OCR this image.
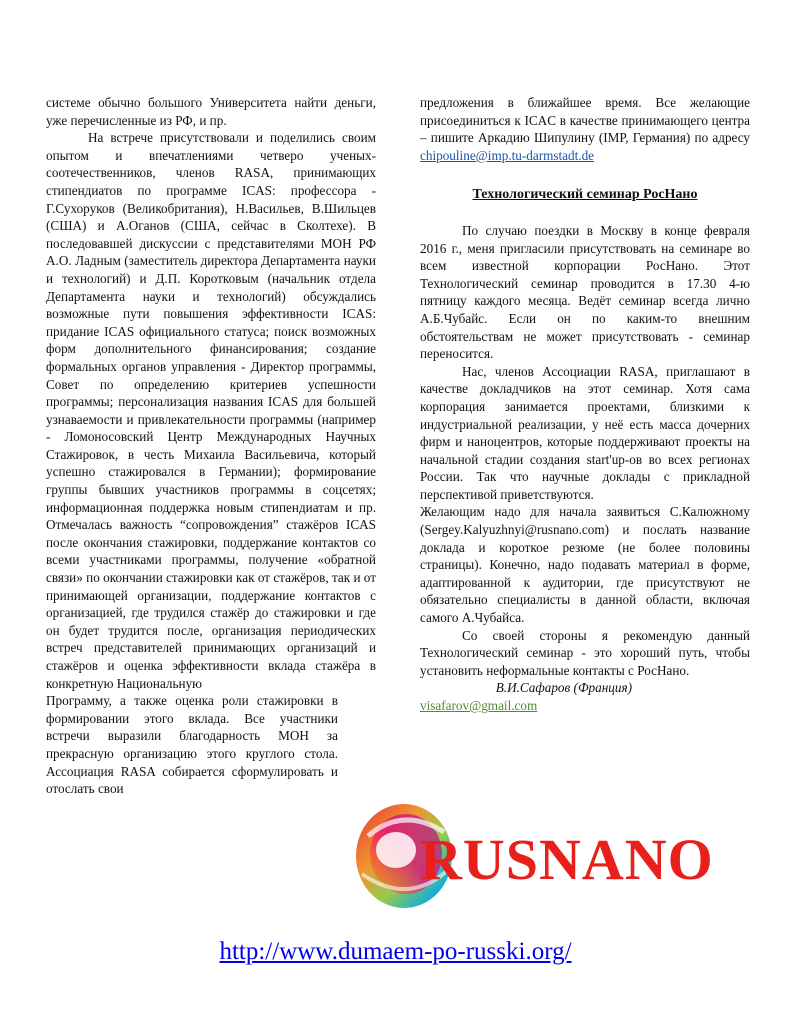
системе обычно большого Университета найти деньги, уже перечисленные из РФ, и пр.

На встрече присутствовали и поделились своим опытом и впечатлениями четверо ученых-соотечественников, членов RASA, принимающих стипендиатов по программе ICAS: профессора - Г.Сухоруков (Великобритания), Н.Васильев, В.Шильцев (США) и А.Оганов (США, сейчас в Сколтехе). В последовавшей дискуссии с представителями МОН РФ А.О. Ладным (заместитель директора Департамента науки и технологий) и Д.П. Коротковым (начальник отдела Департамента науки и технологий) обсуждались возможные пути повышения эффективности ICAS: придание ICAS официального статуса; поиск возможных форм дополнительного финансирования; создание формальных органов управления - Директор программы, Совет по определению критериев успешности программы; персонализация названия ICAS для большей узнаваемости и привлекательности программы (например - Ломоносовский Центр Международных Научных Стажировок, в честь Михаила Васильевича, который успешно стажировался в Германии); формирование группы бывших участников программы в соцсетях; информационная поддержка новым стипендиатам и пр. Отмечалась важность “сопровождения” стажёров ICAS после окончания стажировки, поддержание контактов со всеми участниками программы, получение «обратной связи» по окончании стажировки как от стажёров, так и от принимающей организации, поддержание контактов с организацией, где трудился стажёр до стажировки и где он будет трудится после, организация периодических встреч представителей принимающих организаций и стажёров и оценка эффективности вклада стажёра в конкретную Национальную

Программу, а также оценка роли стажировки в формировании этого вклада. Все участники встречи выразили благодарность МОН за прекрасную организацию этого круглого стола. Ассоциация RASA собирается сформулировать и отослать свои

предложения в ближайшее время. Все желающие присоединиться к ICAC в качестве принимающего центра – пишите Аркадию Шипулину (IMP, Германия) по адресу chipouline@imp.tu-darmstadt.de

Технологический семинар РосНано

По случаю поездки в Москву в конце февраля 2016 г., меня пригласили присутствовать на семинаре во всем известной корпорации РосНано. Этот Технологический семинар проводится в 17.30 4-ю пятницу каждого месяца. Ведёт семинар всегда лично А.Б.Чубайс. Если он по каким-то внешним обстоятельствам не может присутствовать - семинар переносится.

Нас, членов Ассоциации RASA, приглашают в качестве докладчиков на этот семинар. Хотя сама корпорация занимается проектами, близкими к индустриальной реализации, у неё есть масса дочерних фирм и наноцентров, которые поддерживают проекты на начальной стадии создания start'up-ов во всех регионах России. Так что научные доклады с прикладной перспективой приветствуются.

Желающим надо для начала заявиться С.Калюжному (Sergey.Kalyuzhnyi@rusnano.com) и послать название доклада и короткое резюме (не более половины страницы). Конечно, надо подавать материал в форме, адаптированной к аудитории, где присутствуют не обязательно специалисты в данной области, включая самого А.Чубайса.

Со своей стороны я рекомендую данный Технологический семинар - это хороший путь, чтобы установить неформальные контакты с РосНано.

В.И.Сафаров (Франция)

visafarov@gmail.com

RUSNANO
http://www.dumaem-po-russki.org/
